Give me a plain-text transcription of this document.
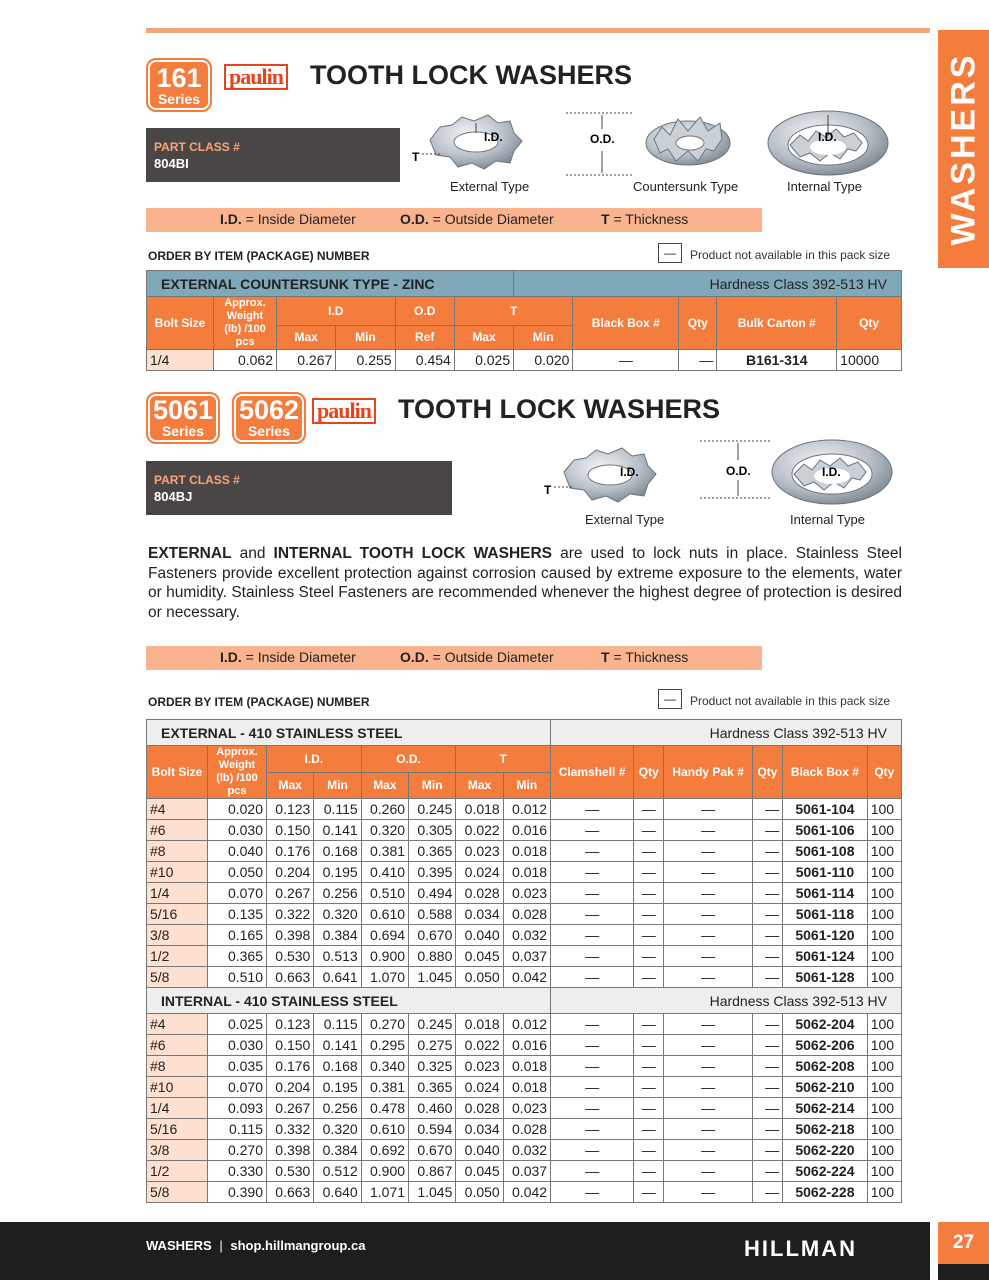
WASHERS
161
Series
paulin TOOTH LOCK WASHERS
PART CLASS #
804BI
I.D.
T
O.D.	I.D.
External Type	Countersunk Type	Internal Type
I.D. = Inside Diameter	O.D. = Outside Diameter	T = Thickness
ORDER BY ITEM (PACKAGE) NUMBER	—	Product not available in this pack size
EXTERNAL COUNTERSUNK TYPE - ZINC						Hardness Class 392-513 HV				
Bolt Size	Approx. Weight (lb) /100 pcs	I.D		O.D	T		Black Box #	Qty	Bulk Carton #	Qty
		Max	Min	Ref	Max	Min				
1/4	0.062	0.267	0.255	0.454	0.025	0.020	—	—	B161-314	10000
5061
Series
5062
Series
paulin TOOTH LOCK WASHERS
PART CLASS #
804BJ
I.D.
T
O.D.	I.D.
External Type	Internal Type
EXTERNAL and INTERNAL TOOTH LOCK WASHERS are used to lock nuts in place. Stainless Steel Fasteners provide excellent protection against corrosion caused by extreme exposure to the elements, water or humidity. Stainless Steel Fasteners are recommended whenever the highest degree of protection is desired or necessary.
I.D. = Inside Diameter	O.D. = Outside Diameter	T = Thickness
ORDER BY ITEM (PACKAGE) NUMBER	—	Product not available in this pack size
EXTERNAL - 410 STAINLESS STEEL								Hardness Class 392-513 HV					
Bolt Size	Approx. Weight (lb) /100 pcs	I.D.		O.D.		T		Clamshell #	Qty	Handy Pak #	Qty	Black Box #	Qty
		Max	Min	Max	Min	Max	Min						
#4	0.020	0.123	0.115	0.260	0.245	0.018	0.012	—	—	—	—	5061-104	100
#6	0.030	0.150	0.141	0.320	0.305	0.022	0.016	—	—	—	—	5061-106	100
#8	0.040	0.176	0.168	0.381	0.365	0.023	0.018	—	—	—	—	5061-108	100
#10	0.050	0.204	0.195	0.410	0.395	0.024	0.018	—	—	—	—	5061-110	100
1/4	0.070	0.267	0.256	0.510	0.494	0.028	0.023	—	—	—	—	5061-114	100
5/16	0.135	0.322	0.320	0.610	0.588	0.034	0.028	—	—	—	—	5061-118	100
3/8	0.165	0.398	0.384	0.694	0.670	0.040	0.032	—	—	—	—	5061-120	100
1/2	0.365	0.530	0.513	0.900	0.880	0.045	0.037	—	—	—	—	5061-124	100
5/8	0.510	0.663	0.641	1.070	1.045	0.050	0.042	—	—	—	—	5061-128	100
INTERNAL - 410 STAINLESS STEEL								Hardness Class 392-513 HV					
#4	0.025	0.123	0.115	0.270	0.245	0.018	0.012	—	—	—	—	5062-204	100
#6	0.030	0.150	0.141	0.295	0.275	0.022	0.016	—	—	—	—	5062-206	100
#8	0.035	0.176	0.168	0.340	0.325	0.023	0.018	—	—	—	—	5062-208	100
#10	0.070	0.204	0.195	0.381	0.365	0.024	0.018	—	—	—	—	5062-210	100
1/4	0.093	0.267	0.256	0.478	0.460	0.028	0.023	—	—	—	—	5062-214	100
5/16	0.115	0.332	0.320	0.610	0.594	0.034	0.028	—	—	—	—	5062-218	100
3/8	0.270	0.398	0.384	0.692	0.670	0.040	0.032	—	—	—	—	5062-220	100
1/2	0.330	0.530	0.512	0.900	0.867	0.045	0.037	—	—	—	—	5062-224	100
5/8	0.390	0.663	0.640	1.071	1.045	0.050	0.042	—	—	—	—	5062-228	100
WASHERS | shop.hillmangroup.ca	HILLMAN	27
